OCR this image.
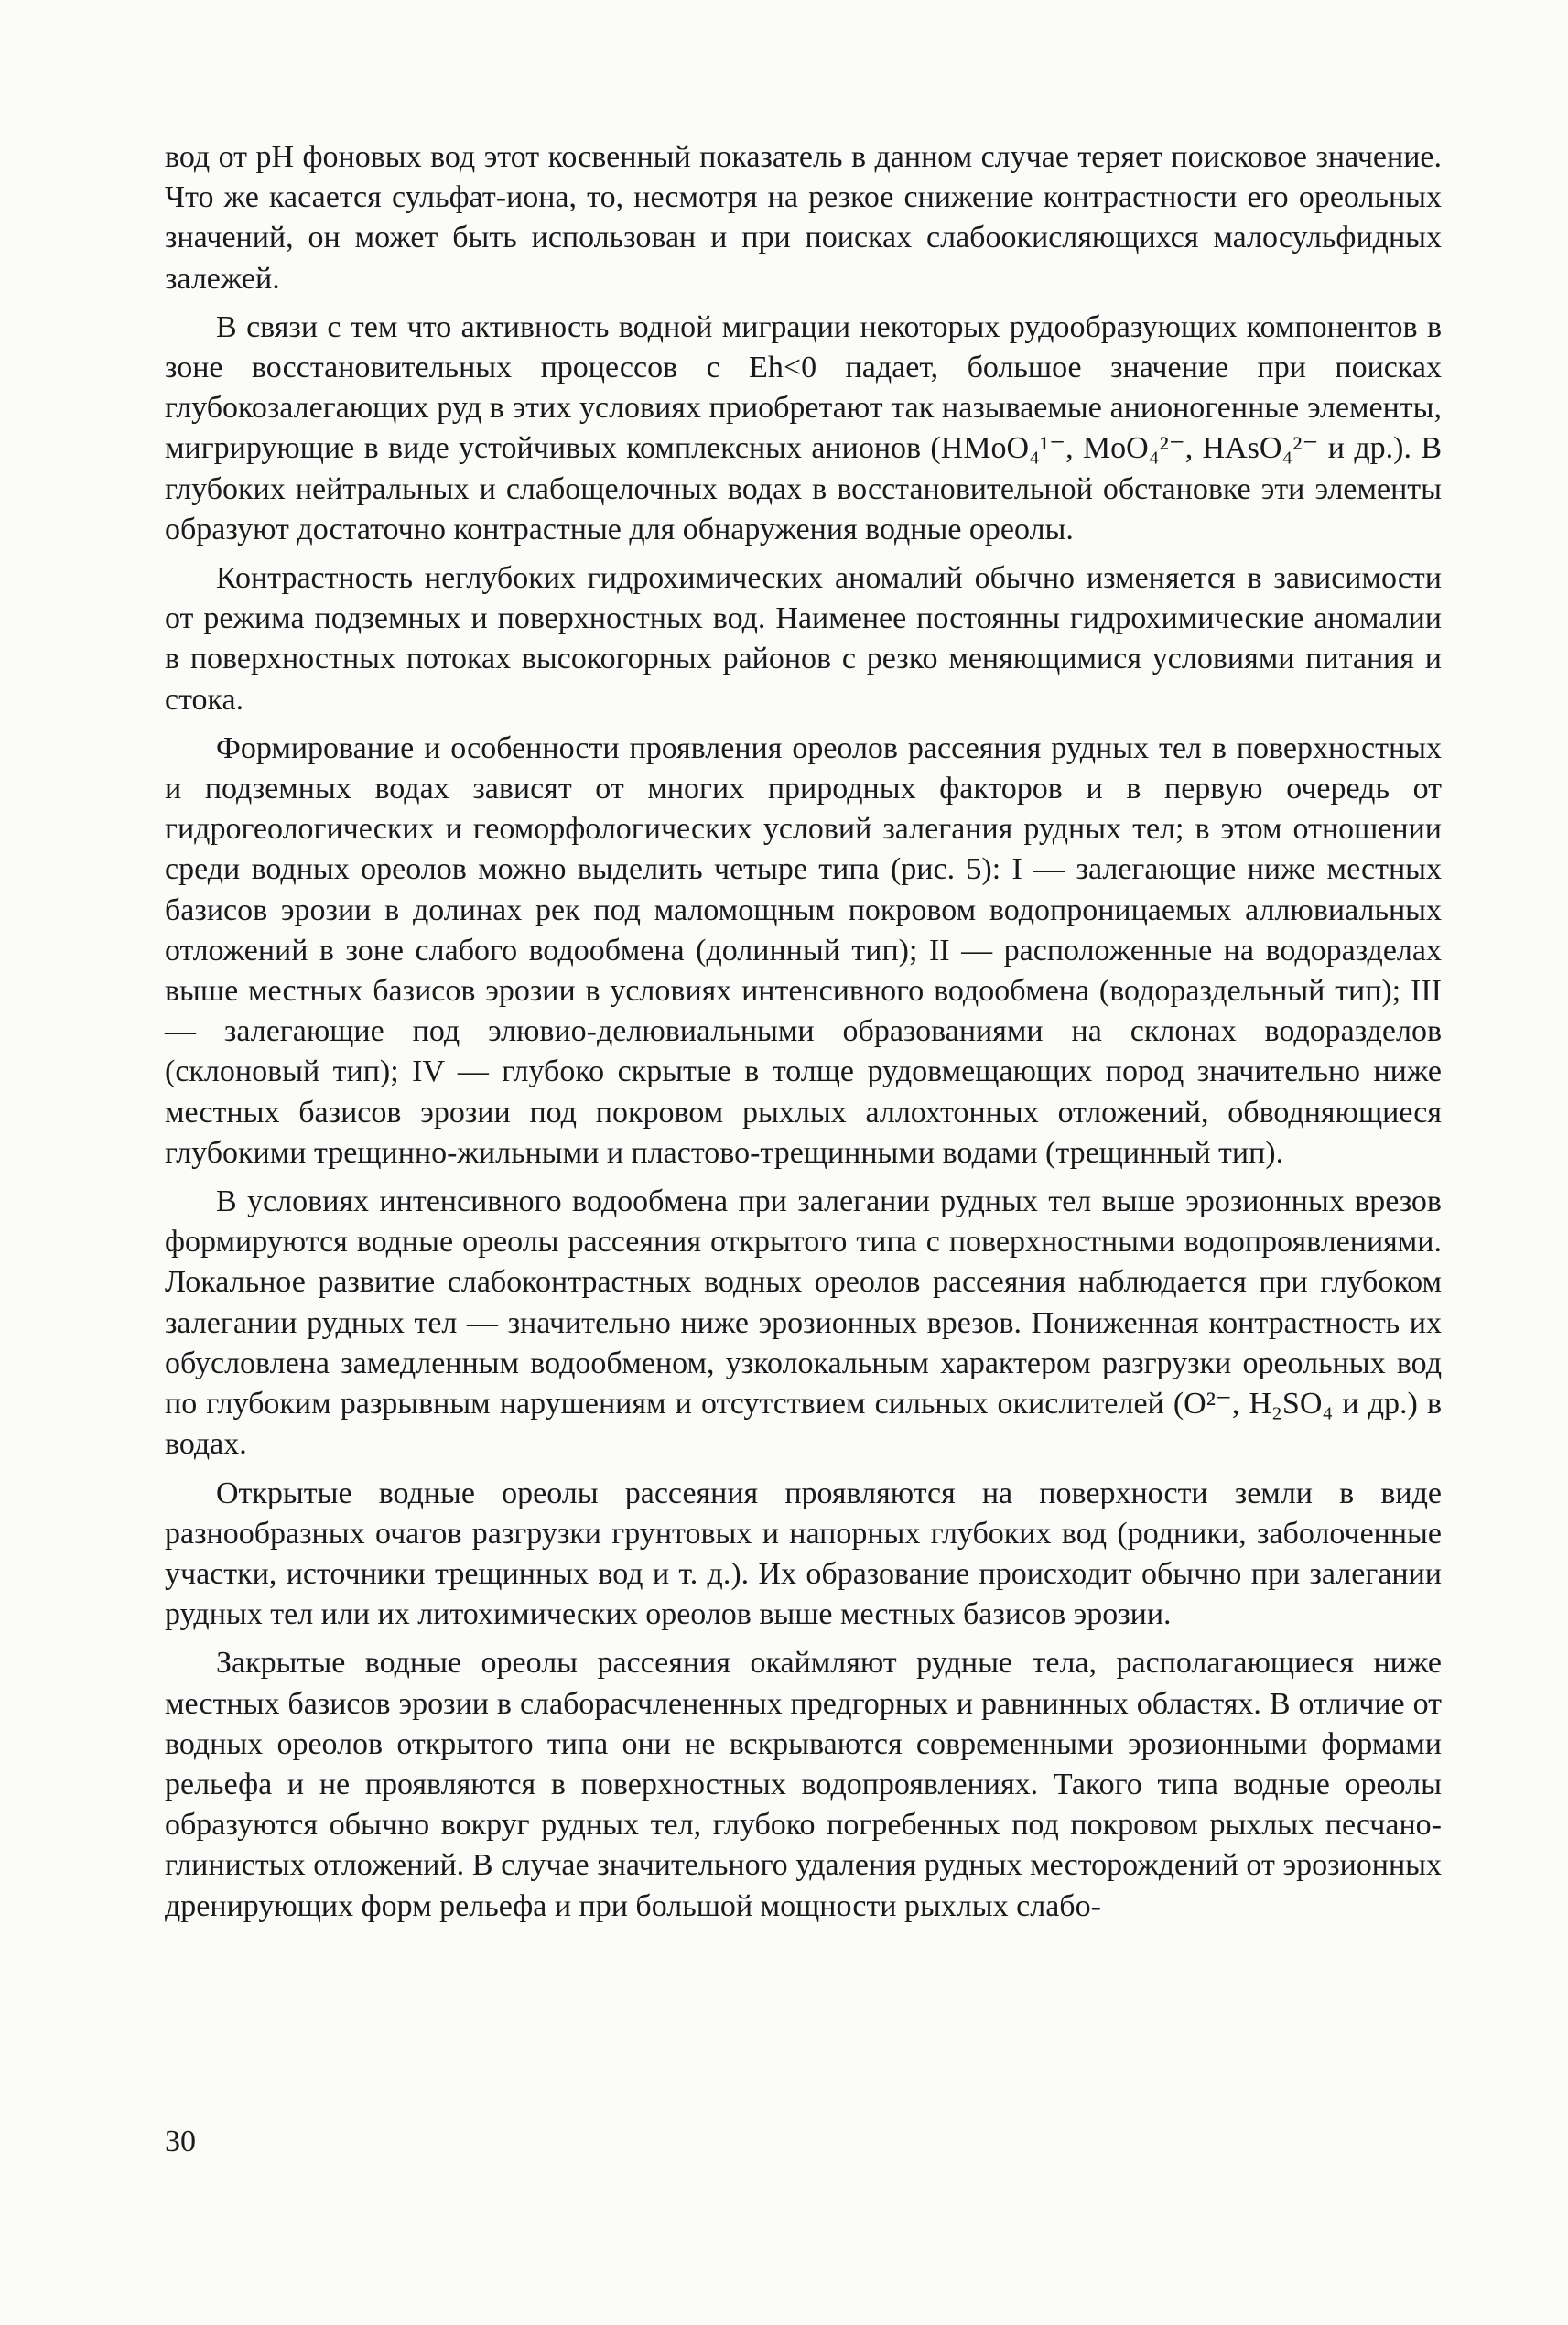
вод от pH фоновых вод этот косвенный показатель в данном случае теряет поисковое значение. Что же касается сульфат-иона, то, несмотря на резкое снижение контрастности его ореольных значений, он может быть использован и при поисках слабоокисляющихся малосульфидных залежей.

В связи с тем что активность водной миграции некоторых рудообразующих компонентов в зоне восстановительных процессов с Eh<0 падает, большое значение при поисках глубокозалегающих руд в этих условиях приобретают так называемые анионогенные элементы, мигрирующие в виде устойчивых комплексных анионов (HMoO₄¹⁻, MoO₄²⁻, HAsO₄²⁻ и др.). В глубоких нейтральных и слабощелочных водах в восстановительной обстановке эти элементы образуют достаточно контрастные для обнаружения водные ореолы.

Контрастность неглубоких гидрохимических аномалий обычно изменяется в зависимости от режима подземных и поверхностных вод. Наименее постоянны гидрохимические аномалии в поверхностных потоках высокогорных районов с резко меняющимися условиями питания и стока.

Формирование и особенности проявления ореолов рассеяния рудных тел в поверхностных и подземных водах зависят от многих природных факторов и в первую очередь от гидрогеологических и геоморфологических условий залегания рудных тел; в этом отношении среди водных ореолов можно выделить четыре типа (рис. 5): I — залегающие ниже местных базисов эрозии в долинах рек под маломощным покровом водопроницаемых аллювиальных отложений в зоне слабого водообмена (долинный тип); II — расположенные на водоразделах выше местных базисов эрозии в условиях интенсивного водообмена (водораздельный тип); III — залегающие под элювио-делювиальными образованиями на склонах водоразделов (склоновый тип); IV — глубоко скрытые в толще рудовмещающих пород значительно ниже местных базисов эрозии под покровом рыхлых аллохтонных отложений, обводняющиеся глубокими трещинно-жильными и пластово-трещинными водами (трещинный тип).

В условиях интенсивного водообмена при залегании рудных тел выше эрозионных врезов формируются водные ореолы рассеяния открытого типа с поверхностными водопроявлениями. Локальное развитие слабоконтрастных водных ореолов рассеяния наблюдается при глубоком залегании рудных тел — значительно ниже эрозионных врезов. Пониженная контрастность их обусловлена замедленным водообменом, узколокальным характером разгрузки ореольных вод по глубоким разрывным нарушениям и отсутствием сильных окислителей (O²⁻, H₂SO₄ и др.) в водах.

Открытые водные ореолы рассеяния проявляются на поверхности земли в виде разнообразных очагов разгрузки грунтовых и напорных глубоких вод (родники, заболоченные участки, источники трещинных вод и т. д.). Их образование происходит обычно при залегании рудных тел или их литохимических ореолов выше местных базисов эрозии.

Закрытые водные ореолы рассеяния окаймляют рудные тела, располагающиеся ниже местных базисов эрозии в слаборасчлененных предгорных и равнинных областях. В отличие от водных ореолов открытого типа они не вскрываются современными эрозионными формами рельефа и не проявляются в поверхностных водопроявлениях. Такого типа водные ореолы образуются обычно вокруг рудных тел, глубоко погребенных под покровом рыхлых песчано-глинистых отложений. В случае значительного удаления рудных месторождений от эрозионных дренирующих форм рельефа и при большой мощности рыхлых слабо-

30
